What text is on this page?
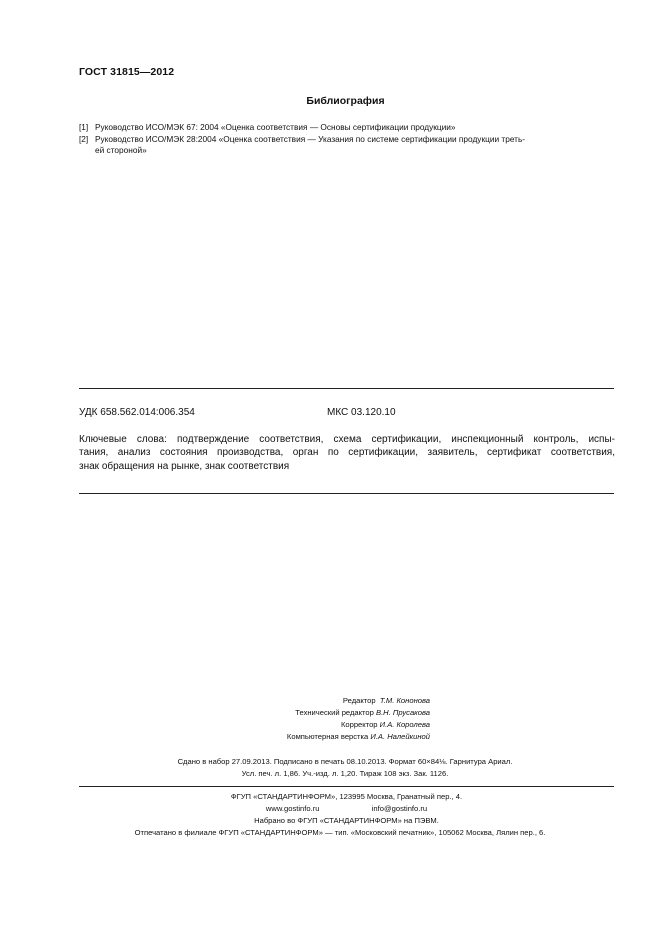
ГОСТ 31815—2012
Библиография
[1] Руководство ИСО/МЭК 67: 2004 «Оценка соответствия — Основы сертификации продукции»
[2] Руководство ИСО/МЭК 28:2004 «Оценка соответствия — Указания по системе сертификации продукции треть-
ей стороной»
УДК 658.562.014:006.354	МКС 03.120.10
Ключевые слова: подтверждение соответствия, схема сертификации, инспекционный контроль, испы-
тания, анализ состояния производства, орган по сертификации, заявитель, сертификат соответствия,
знак обращения на рынке, знак соответствия
Редактор Т.М. Кононова
Технический редактор В.Н. Прусакова
Корректор И.А. Королева
Компьютерная верстка И.А. Налейкиной
Сдано в набор 27.09.2013. Подписано в печать 08.10.2013. Формат 60×84⅛. Гарнитура Ариал.
Усл. печ. л. 1,86. Уч.-изд. л. 1,20. Тираж 108 экз. Зак. 1126.
ФГУП «СТАНДАРТИНФОРМ», 123995 Москва, Гранатный пер., 4.
www.gostinfo.ru	info@gostinfo.ru
Набрано во ФГУП «СТАНДАРТИНФОРМ» на ПЭВМ.
Отпечатано в филиале ФГУП «СТАНДАРТИНФОРМ» — тип. «Московский печатник», 105062 Москва, Лялин пер., 6.
